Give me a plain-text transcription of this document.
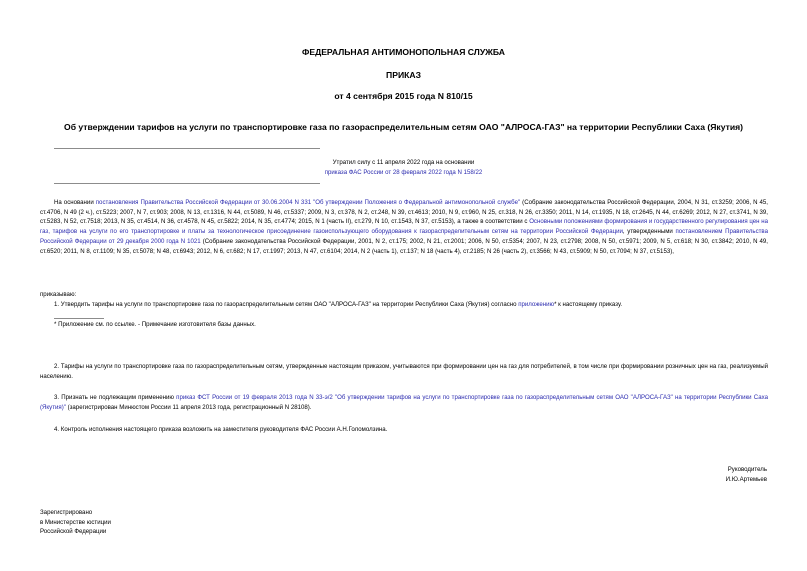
ФЕДЕРАЛЬНАЯ АНТИМОНОПОЛЬНАЯ СЛУЖБА
ПРИКАЗ
от 4 сентября 2015 года N 810/15
Об утверждении тарифов на услуги по транспортировке газа по газораспределительным сетям ОАО "АЛРОСА-ГАЗ" на территории Республики Саха (Якутия)
Утратил силу с 11 апреля 2022 года на основании
приказа ФАС России от 28 февраля 2022 года N 158/22
На основании постановления Правительства Российской Федерации от 30.06.2004 N 331 "Об утверждении Положения о Федеральной антимонопольной службе" (Собрание законодательства Российской Федерации, 2004, N 31, ст.3259; 2006, N 45, ст.4706, N 49 (2 ч.), ст.5223; 2007, N 7, ст.903; 2008, N 13, ст.1316, N 44, ст.5089, N 46, ст.5337; 2009, N 3, ст.378, N 2, ст.248, N 39, ст.4613; 2010, N 9, ст.960, N 25, ст.318, N 26, ст.3350; 2011, N 14, ст.1935, N 18, ст.2645, N 44, ст.6269; 2012, N 27, ст.3741, N 39, ст.5283, N 52, ст.7518; 2013, N 35, ст.4514, N 36, ст.4578, N 45, ст.5822; 2014, N 35, ст.4774; 2015, N 1 (часть II), ст.279, N 10, ст.1543, N 37, ст.5153), а также в соответствии с Основными положениями формирования и государственного регулирования цен на газ, тарифов на услуги по его транспортировке и платы за технологическое присоединение газоиспользующего оборудования к газораспределительным сетям на территории Российской Федерации, утвержденными постановлением Правительства Российской Федерации от 29 декабря 2000 года N 1021 (Собрание законодательства Российской Федерации, 2001, N 2, ст.175; 2002, N 21, ст.2001; 2006, N 50, ст.5354; 2007, N 23, ст.2798; 2008, N 50, ст.5971; 2009, N 5, ст.618; N 30, ст.3842; 2010, N 49, ст.6520; 2011, N 8, ст.1109; N 35, ст.5078; N 48, ст.6943; 2012, N 6, ст.682; N 17, ст.1997; 2013, N 47, ст.6104; 2014, N 2 (часть 1), ст.137; N 18 (часть 4), ст.2185; N 26 (часть 2), ст.3566; N 43, ст.5909; N 50, ст.7094; N 37, ст.5153),
приказываю:
1. Утвердить тарифы на услуги по транспортировке газа по газораспределительным сетям ОАО "АЛРОСА-ГАЗ" на территории Республики Саха (Якутия) согласно приложению* к настоящему приказу.
* Приложение см. по ссылке. - Примечание изготовителя базы данных.
2. Тарифы на услуги по транспортировке газа по газораспределительным сетям, утвержденные настоящим приказом, учитываются при формировании цен на газ для потребителей, в том числе при формировании розничных цен на газ, реализуемый населению.
3. Признать не подлежащим применению приказ ФСТ России от 19 февраля 2013 года N 33-э/2 "Об утверждении тарифов на услуги по транспортировке газа по газораспределительным сетям ОАО "АЛРОСА-ГАЗ" на территории Республики Саха (Якутия)" (зарегистрирован Минюстом России 11 апреля 2013 года, регистрационный N 28108).
4. Контроль исполнения настоящего приказа возложить на заместителя руководителя ФАС России А.Н.Голомолзина.
Руководитель
И.Ю.Артемьев
Зарегистрировано
в Министерстве юстиции
Российской Федерации
